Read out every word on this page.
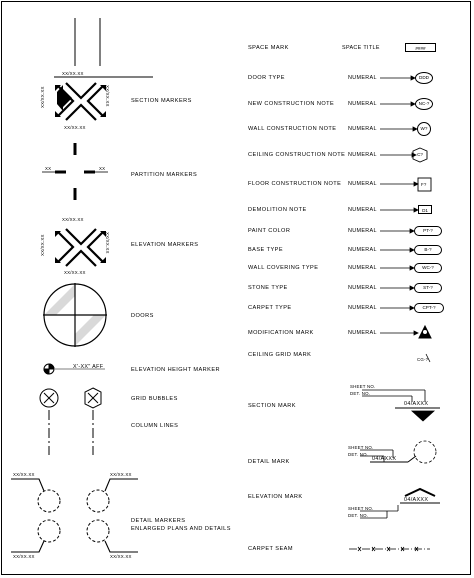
XX/XX.XX
XX/XX.XX	XX/XX.XX
XX/XX.XX
SECTION MARKERS
XX	XX
PARTITION MARKERS
XX/XX.XX
XX/XX.XX	XX/XX.XX
XX/XX.XX
ELEVATION MARKERS
DOORS
X'-XX" AFF	ELEVATION HEIGHT MARKER
GRID BUBBLES
COLUMN LINES
XX/XX.XX	XX/XX.XX
XX/XX.XX	XX/XX.XX
DETAIL MARKERS
ENLARGED PLANS AND DETAILS
SPACE MARK	SPACE TITLE	####
DOOR TYPE	NUMERAL	DDD
NEW CONSTRUCTION NOTE	NUMERAL	NC-?
WALL CONSTRUCTION NOTE NUMERAL	W?
CEILING CONSTRUCTION NOTE NUMERAL	C?
FLOOR CONSTRUCTION NOTE NUMERAL	F?
DEMOLITION NOTE	NUMERAL	D1
PAINT COLOR	NUMERAL	PT-?
BASE TYPE	NUMERAL	B-?
WALL COVERING TYPE	NUMERAL	WC-?
STONE TYPE	NUMERAL	ST-?
CARPET TYPE	NUMERAL	CPT-?
MODIFICATION MARK	NUMERAL
CEILING GRID MARK
CG-?
SECTION MARK
SHEET NO.
DET. NO.
04/AXXX
DETAIL MARK
SHEET NO.
DET. NO.
04/AXXX
ELEVATION MARK
SHEET NO.
DET. NO.
04/AXXX
CARPET SEAM
